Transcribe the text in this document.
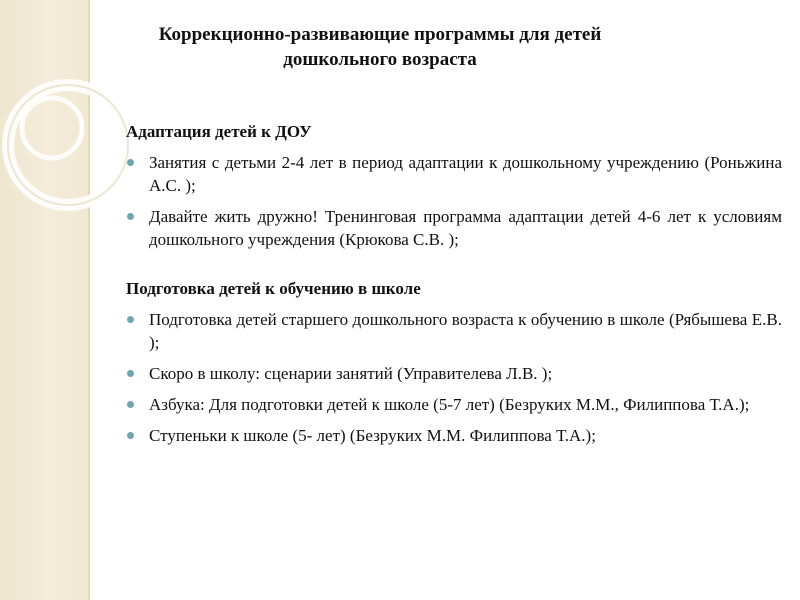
Коррекционно-развивающие программы для детей
дошкольного возраста
Адаптация детей к ДОУ
Занятия с детьми 2-4 лет в период адаптации к дошкольному учреждению (Роньжина А.С. );
Давайте жить дружно! Тренинговая программа адаптации детей 4-6 лет к условиям дошкольного учреждения (Крюкова С.В. );
Подготовка детей к обучению в школе
Подготовка детей старшего дошкольного возраста к обучению в школе (Рябышева Е.В. );
Скоро в школу: сценарии занятий (Управителева Л.В. );
Азбука: Для подготовки детей к школе (5-7 лет) (Безруких М.М., Филиппова Т.А.);
Ступеньки к школе (5- лет) (Безруких М.М. Филиппова Т.А.);
